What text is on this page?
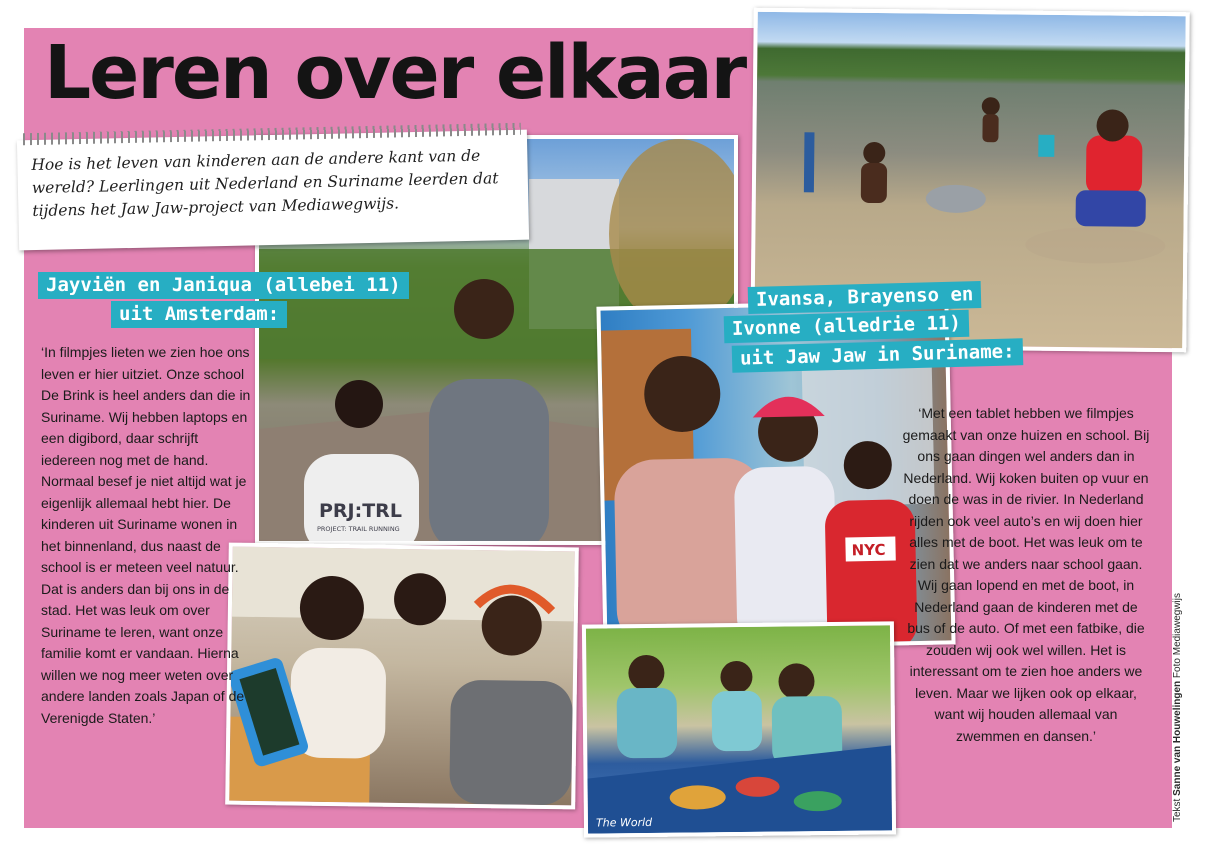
PRJ:TRL
PROJECT: TRAIL RUNNING
NYC
The World
Leren over elkaar

Hoe is het leven van kinderen aan de andere kant van de wereld? Leerlingen uit Nederland en Suriname leerden dat tijdens het Jaw Jaw-project van Mediawegwijs.

Jayviën en Janiqua (allebei 11)
uit Amsterdam:
Ivansa, Brayenso en
Ivonne (alledrie 11)
uit Jaw Jaw in Suriname:

‘In filmpjes lieten we zien hoe ons leven er hier uitziet. Onze school De Brink is heel anders dan die in Suriname. Wij hebben laptops en een digibord, daar schrijft iedereen nog met de hand. Normaal besef je niet altijd wat je eigenlijk allemaal hebt hier. De kinderen uit Suriname wonen in het binnenland, dus naast de school is er meteen veel natuur. Dat is anders dan bij ons in de stad. Het was leuk om over Suriname te leren, want onze familie komt er vandaan. Hierna willen we nog meer weten over andere landen zoals Japan of de Verenigde Staten.’

‘Met een tablet hebben we filmpjes gemaakt van onze huizen en school. Bij ons gaan dingen wel anders dan in Nederland. Wij koken buiten op vuur en doen de was in de rivier. In Nederland rijden ook veel auto’s en wij doen hier alles met de boot. Het was leuk om te zien dat we anders naar school gaan. Wij gaan lopend en met de boot, in Nederland gaan de kinderen met de bus of de auto. Of met een fatbike, die zouden wij ook wel willen. Het is interessant om te zien hoe anders we leven. Maar we lijken ook op elkaar, want wij houden allemaal van zwemmen en dansen.’

Tekst Sanne van Houwelingen Foto Mediawegwijs
